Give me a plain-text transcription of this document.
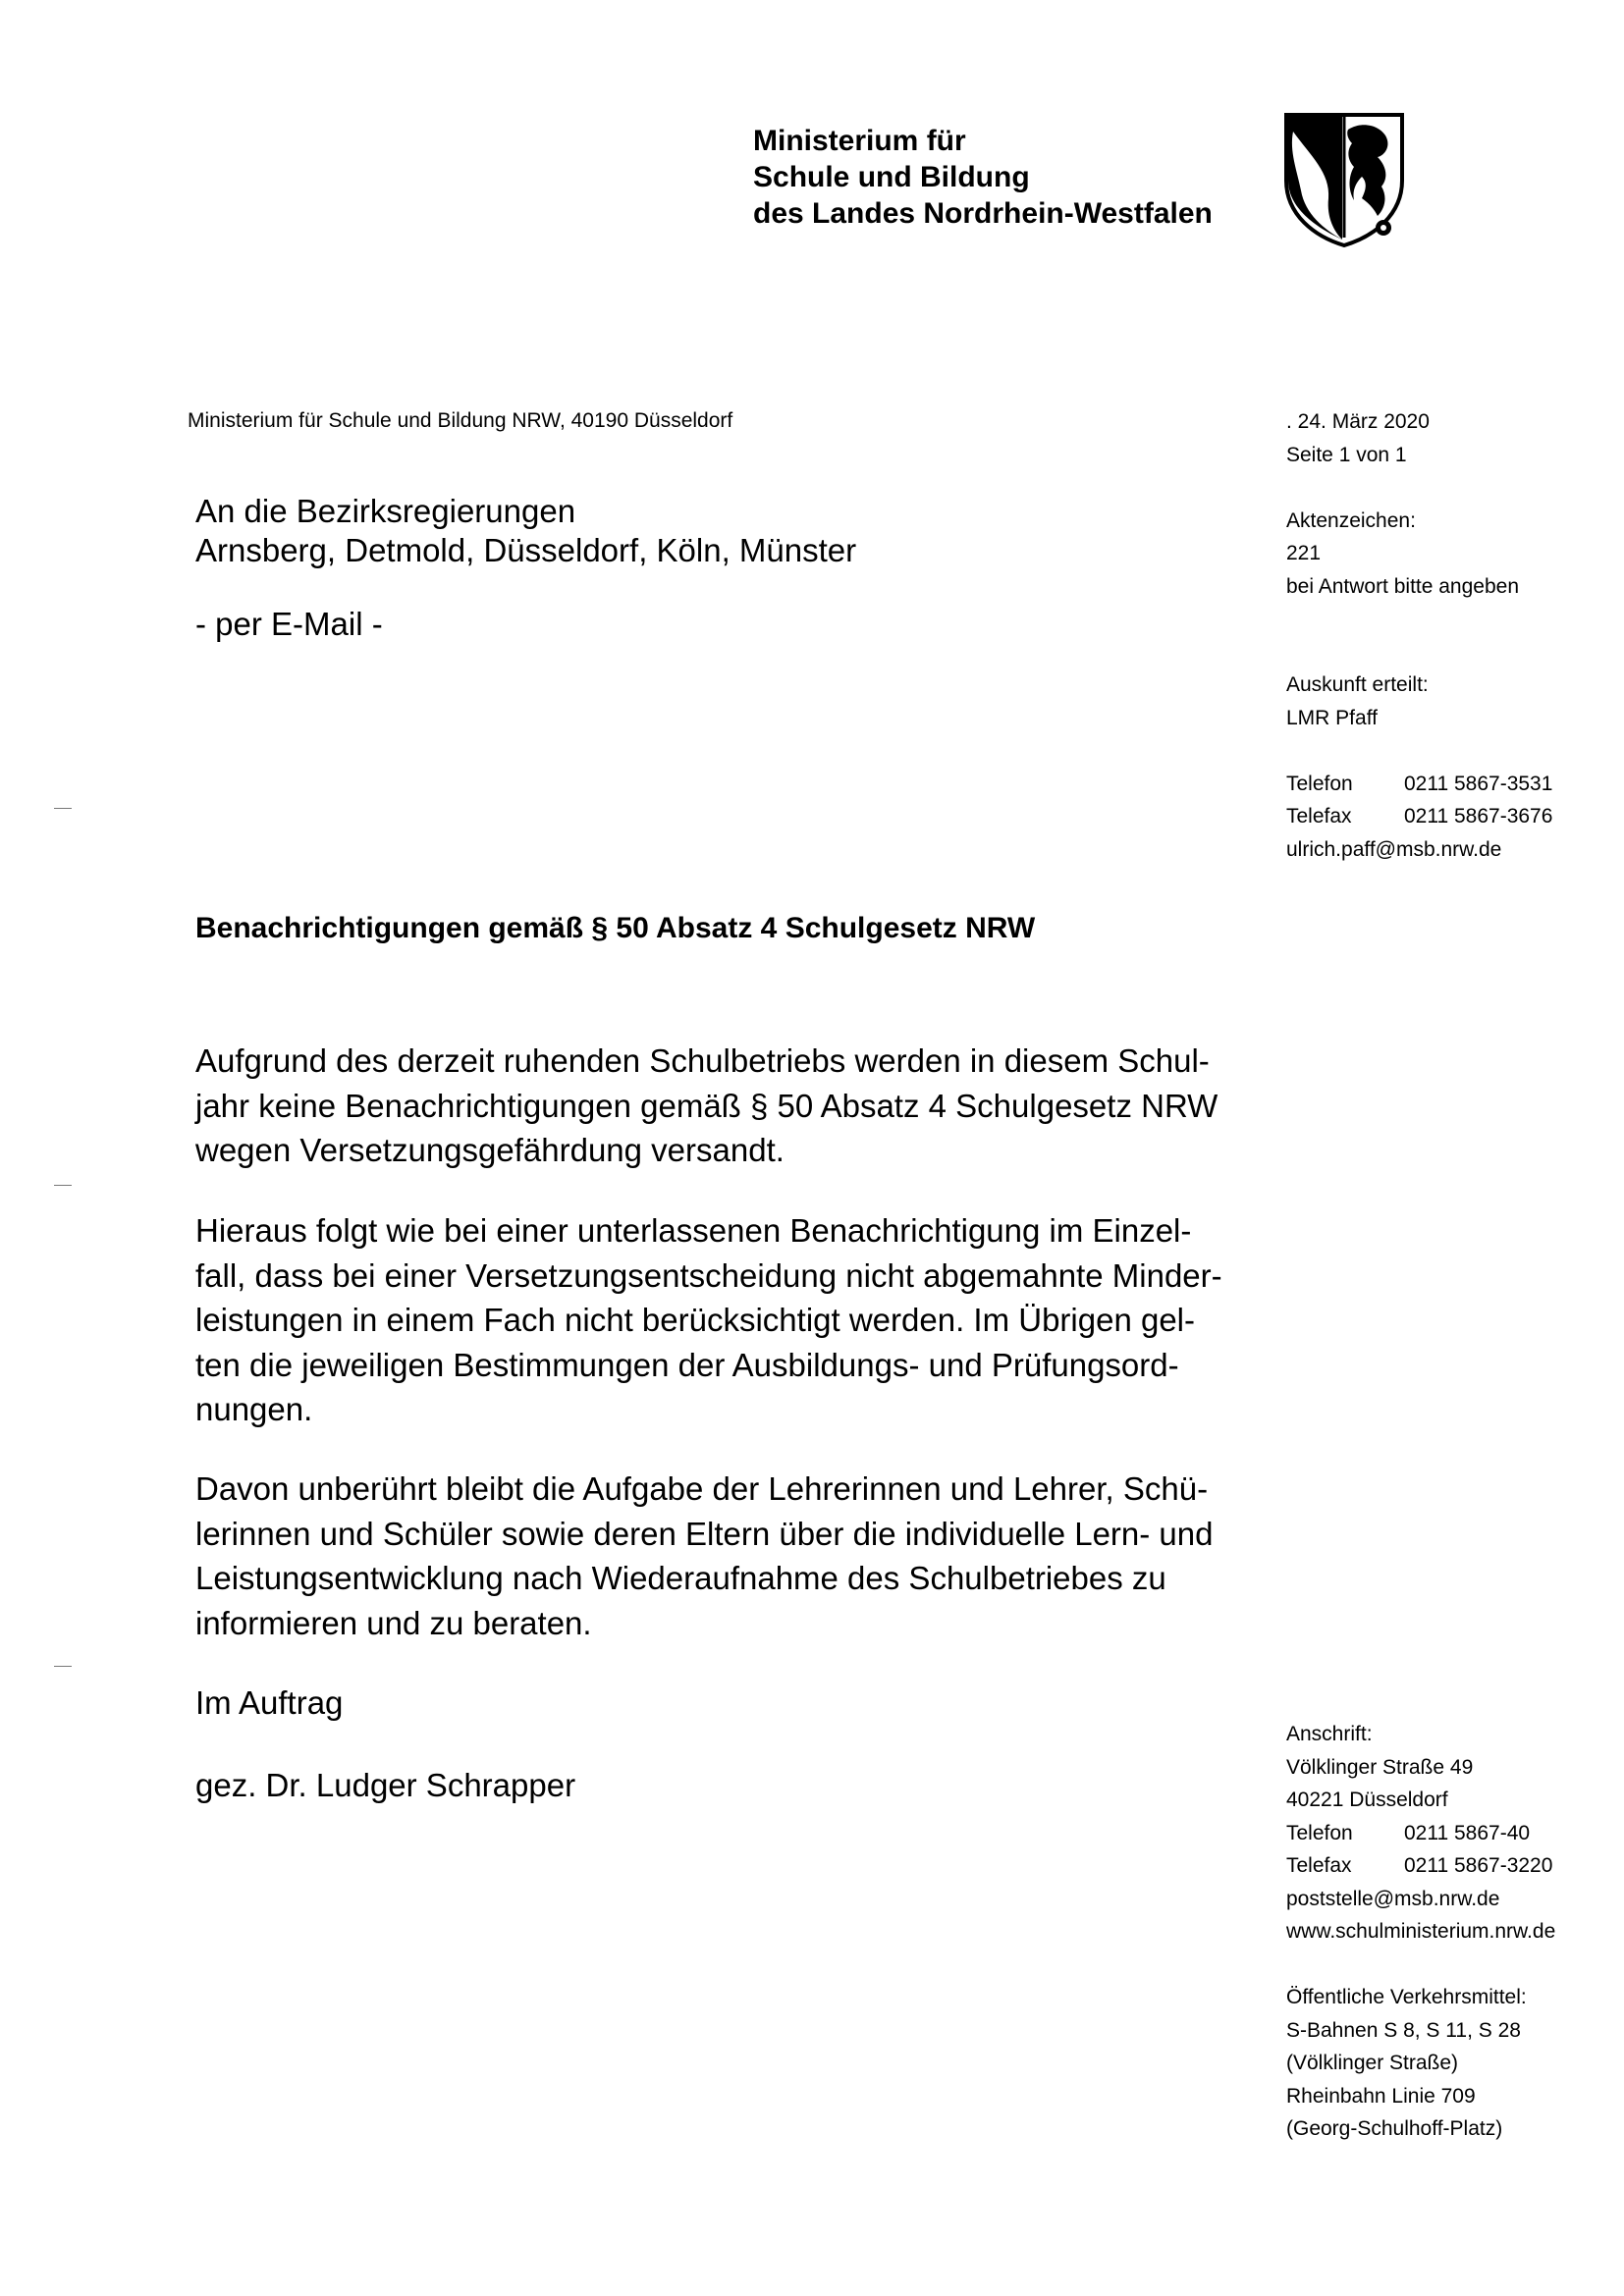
Ministerium für
Schule und Bildung
des Landes Nordrhein-Westfalen
Ministerium für Schule und Bildung NRW, 40190 Düsseldorf
An die Bezirksregierungen
Arnsberg, Detmold, Düsseldorf, Köln, Münster
- per E-Mail -
. 24. März 2020
Seite 1 von 1
Aktenzeichen:
221
bei Antwort bitte angeben
Auskunft erteilt:
LMR Pfaff
Telefon 0211 5867-3531
Telefax	0211 5867-3676
ulrich.paff@msb.nrw.de
Benachrichtigungen gemäß § 50 Absatz 4 Schulgesetz NRW
Aufgrund des derzeit ruhenden Schulbetriebs werden in diesem Schul-
jahr keine Benachrichtigungen gemäß § 50 Absatz 4 Schulgesetz NRW
wegen Versetzungsgefährdung versandt.
Hieraus folgt wie bei einer unterlassenen Benachrichtigung im Einzel-
fall, dass bei einer Versetzungsentscheidung nicht abgemahnte Minder-
leistungen in einem Fach nicht berücksichtigt werden. Im Übrigen gel-
ten die jeweiligen Bestimmungen der Ausbildungs- und Prüfungsord-
nungen.
Davon unberührt bleibt die Aufgabe der Lehrerinnen und Lehrer, Schü-
lerinnen und Schüler sowie deren Eltern über die individuelle Lern- und
Leistungsentwicklung nach Wiederaufnahme des Schulbetriebes zu
informieren und zu beraten.
Im Auftrag
gez. Dr. Ludger Schrapper
Anschrift:
Völklinger Straße 49
40221 Düsseldorf
Telefon 0211 5867-40
Telefax	0211 5867-3220
poststelle@msb.nrw.de
www.schulministerium.nrw.de
Öffentliche Verkehrsmittel:
S-Bahnen S 8, S 11, S 28
(Völklinger Straße)
Rheinbahn Linie 709
(Georg-Schulhoff-Platz)
